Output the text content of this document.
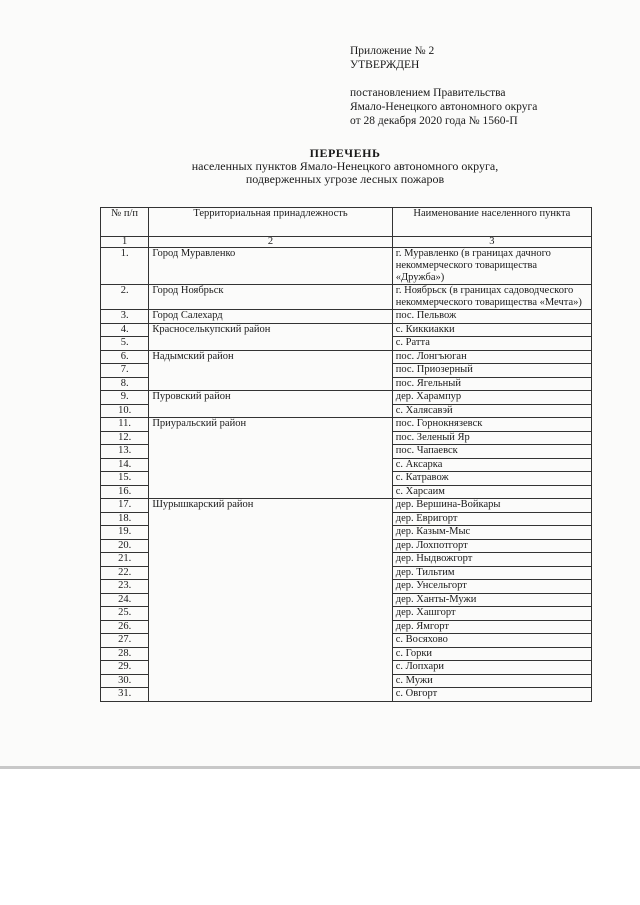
Приложение № 2
УТВЕРЖДЕН
постановлением Правительства
Ямало-Ненецкого автономного округа
от 28 декабря 2020 года № 1560-П
ПЕРЕЧЕНЬ
населенных пунктов Ямало-Ненецкого автономного округа,
подверженных угрозе лесных пожаров
№ п/п	Территориальная принадлежность	Наименование населенного пункта
1	2	3
1.	Город Муравленко	г. Муравленко (в границах дачного некоммерческого товарищества «Дружба»)
2.	Город Ноябрьск	г. Ноябрьск (в границах садоводческого некоммерческого товарищества «Мечта»)
3.	Город Салехард	пос. Пельвож
4.	Красноселькупский район	с. Киккиакки
5.		с. Ратта
6.	Надымский район	пос. Лонгъюган
7.		пос. Приозерный
8.		пос. Ягельный
9.	Пуровский район	дер. Харампур
10.		с. Халясавэй
11.	Приуральский район	пос. Горнокнязевск
12.		пос. Зеленый Яр
13.		пос. Чапаевск
14.		с. Аксарка
15.		с. Катравож
16.		с. Харсаим
17.	Шурышкарский район	дер. Вершина-Войкары
18.		дер. Евригорт
19.		дер. Казым-Мыс
20.		дер. Лохпотгорт
21.		дер. Ныдвожгорт
22.		дер. Тильтим
23.		дер. Унсельгорт
24.		дер. Ханты-Мужи
25.		дер. Хашгорт
26.		дер. Ямгорт
27.		с. Восяхово
28.		с. Горки
29.		с. Лопхари
30.		с. Мужи
31.		с. Овгорт
